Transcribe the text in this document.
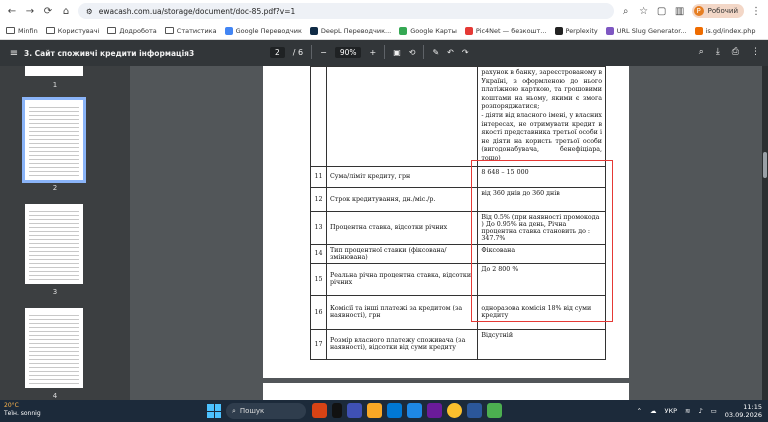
← → ⟳ ⌂	⚙ ewacash.com.ua/storage/document/doc-85.pdf?v=1	⌕	☆ ▢ ▥	P Робочий ⋮
Minfin	Користувачі	Додроботa	Статистика	Google Переводчик	DeepL Переводчик...	Google Карты	Pic4Net — безкошт...	Perplexity	URL Slug Generator...	is.gd/index.php
≡ 3. Сайт споживчі кредити інформація3	2	/ 6 −	90%	+ ▣ ⟲ ✎ ↶ ↷	⌕ ⤓ ⎙ ⋮
1
2
3
4

		рахунок в банку, зареєстрованому в Україні, з оформленою до нього платіжною карткою, та грошовими коштами на ньому, якими є змога розпоряджатися;
- діяти від власного імені, у власних інтересах, не отримувати кредит в якості представника третьої особи і не діяти на користь третьої особи (вигодонабувача, бенефіціара, тощо)

11	Сума/ліміт кредиту, грн	8 648 – 15 000
12	Строк кредитування, дн./міс./р.	від 360 днів до 360 днів
13	Процентна ставка, відсотки річних	Від 0.5% (при наявності промокода ) До 0.95% на день, Річна процентна ставка становить до : 347.7%
14	Тип процентної ставки (фіксована/змінювана)	Фіксована
15	Реальна річна процентна ставка, відсотки річних	До 2 800 %
16	Комісії та інші платежі за кредитом (за наявності), грн	одноразова комісія 18% від суми кредиту
17	Розмір власного платежу споживача (за наявності), відсотки від суми кредиту	Відсутній
20°C
Теїн. sonnig	⌕ Пошук	⌃ ☁ УКР ≋ ♪ ▭	11:15
03.09.2026
